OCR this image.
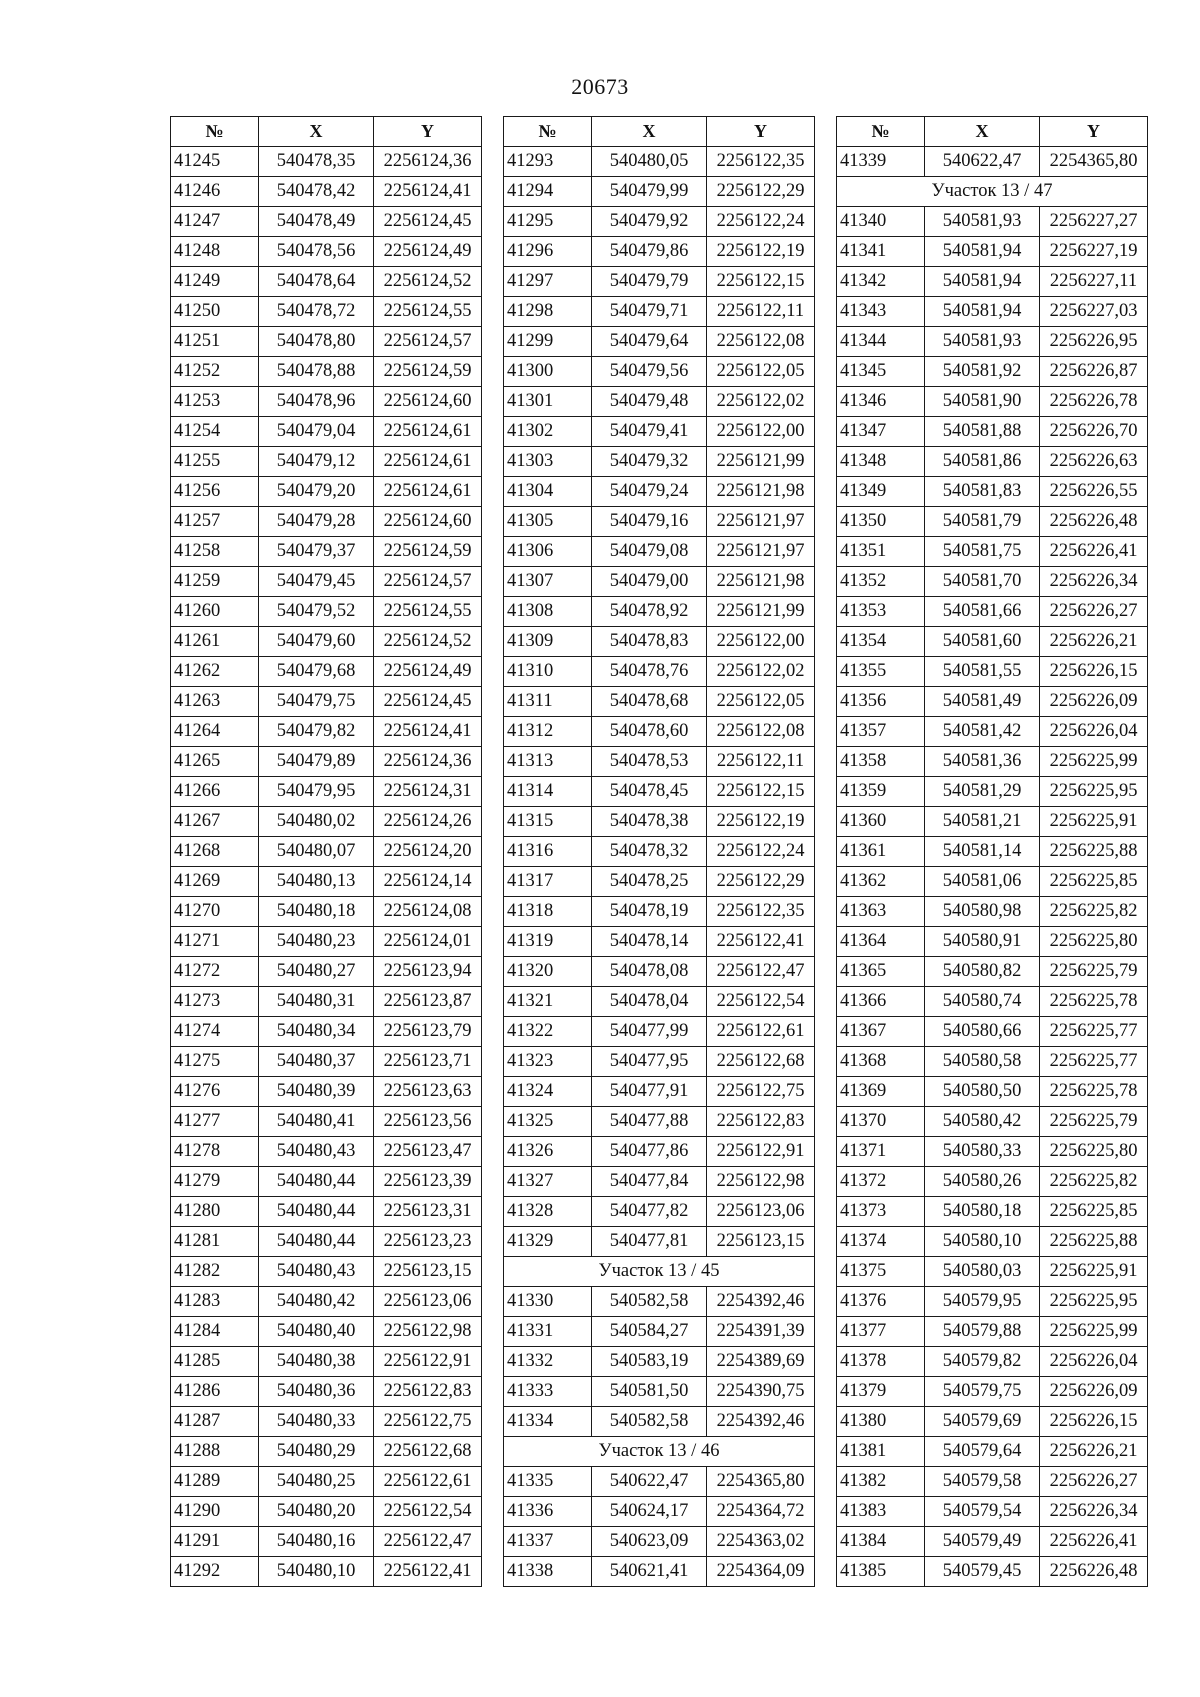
20673
№	X	Y
41245	540478,35	2256124,36
41246	540478,42	2256124,41
41247	540478,49	2256124,45
41248	540478,56	2256124,49
41249	540478,64	2256124,52
41250	540478,72	2256124,55
41251	540478,80	2256124,57
41252	540478,88	2256124,59
41253	540478,96	2256124,60
41254	540479,04	2256124,61
41255	540479,12	2256124,61
41256	540479,20	2256124,61
41257	540479,28	2256124,60
41258	540479,37	2256124,59
41259	540479,45	2256124,57
41260	540479,52	2256124,55
41261	540479,60	2256124,52
41262	540479,68	2256124,49
41263	540479,75	2256124,45
41264	540479,82	2256124,41
41265	540479,89	2256124,36
41266	540479,95	2256124,31
41267	540480,02	2256124,26
41268	540480,07	2256124,20
41269	540480,13	2256124,14
41270	540480,18	2256124,08
41271	540480,23	2256124,01
41272	540480,27	2256123,94
41273	540480,31	2256123,87
41274	540480,34	2256123,79
41275	540480,37	2256123,71
41276	540480,39	2256123,63
41277	540480,41	2256123,56
41278	540480,43	2256123,47
41279	540480,44	2256123,39
41280	540480,44	2256123,31
41281	540480,44	2256123,23
41282	540480,43	2256123,15
41283	540480,42	2256123,06
41284	540480,40	2256122,98
41285	540480,38	2256122,91
41286	540480,36	2256122,83
41287	540480,33	2256122,75
41288	540480,29	2256122,68
41289	540480,25	2256122,61
41290	540480,20	2256122,54
41291	540480,16	2256122,47
41292	540480,10	2256122,41
№	X	Y
41293	540480,05	2256122,35
41294	540479,99	2256122,29
41295	540479,92	2256122,24
41296	540479,86	2256122,19
41297	540479,79	2256122,15
41298	540479,71	2256122,11
41299	540479,64	2256122,08
41300	540479,56	2256122,05
41301	540479,48	2256122,02
41302	540479,41	2256122,00
41303	540479,32	2256121,99
41304	540479,24	2256121,98
41305	540479,16	2256121,97
41306	540479,08	2256121,97
41307	540479,00	2256121,98
41308	540478,92	2256121,99
41309	540478,83	2256122,00
41310	540478,76	2256122,02
41311	540478,68	2256122,05
41312	540478,60	2256122,08
41313	540478,53	2256122,11
41314	540478,45	2256122,15
41315	540478,38	2256122,19
41316	540478,32	2256122,24
41317	540478,25	2256122,29
41318	540478,19	2256122,35
41319	540478,14	2256122,41
41320	540478,08	2256122,47
41321	540478,04	2256122,54
41322	540477,99	2256122,61
41323	540477,95	2256122,68
41324	540477,91	2256122,75
41325	540477,88	2256122,83
41326	540477,86	2256122,91
41327	540477,84	2256122,98
41328	540477,82	2256123,06
41329	540477,81	2256123,15
Участок 13 / 45		
41330	540582,58	2254392,46
41331	540584,27	2254391,39
41332	540583,19	2254389,69
41333	540581,50	2254390,75
41334	540582,58	2254392,46
Участок 13 / 46		
41335	540622,47	2254365,80
41336	540624,17	2254364,72
41337	540623,09	2254363,02
41338	540621,41	2254364,09
№	X	Y
41339	540622,47	2254365,80
Участок 13 / 47		
41340	540581,93	2256227,27
41341	540581,94	2256227,19
41342	540581,94	2256227,11
41343	540581,94	2256227,03
41344	540581,93	2256226,95
41345	540581,92	2256226,87
41346	540581,90	2256226,78
41347	540581,88	2256226,70
41348	540581,86	2256226,63
41349	540581,83	2256226,55
41350	540581,79	2256226,48
41351	540581,75	2256226,41
41352	540581,70	2256226,34
41353	540581,66	2256226,27
41354	540581,60	2256226,21
41355	540581,55	2256226,15
41356	540581,49	2256226,09
41357	540581,42	2256226,04
41358	540581,36	2256225,99
41359	540581,29	2256225,95
41360	540581,21	2256225,91
41361	540581,14	2256225,88
41362	540581,06	2256225,85
41363	540580,98	2256225,82
41364	540580,91	2256225,80
41365	540580,82	2256225,79
41366	540580,74	2256225,78
41367	540580,66	2256225,77
41368	540580,58	2256225,77
41369	540580,50	2256225,78
41370	540580,42	2256225,79
41371	540580,33	2256225,80
41372	540580,26	2256225,82
41373	540580,18	2256225,85
41374	540580,10	2256225,88
41375	540580,03	2256225,91
41376	540579,95	2256225,95
41377	540579,88	2256225,99
41378	540579,82	2256226,04
41379	540579,75	2256226,09
41380	540579,69	2256226,15
41381	540579,64	2256226,21
41382	540579,58	2256226,27
41383	540579,54	2256226,34
41384	540579,49	2256226,41
41385	540579,45	2256226,48
